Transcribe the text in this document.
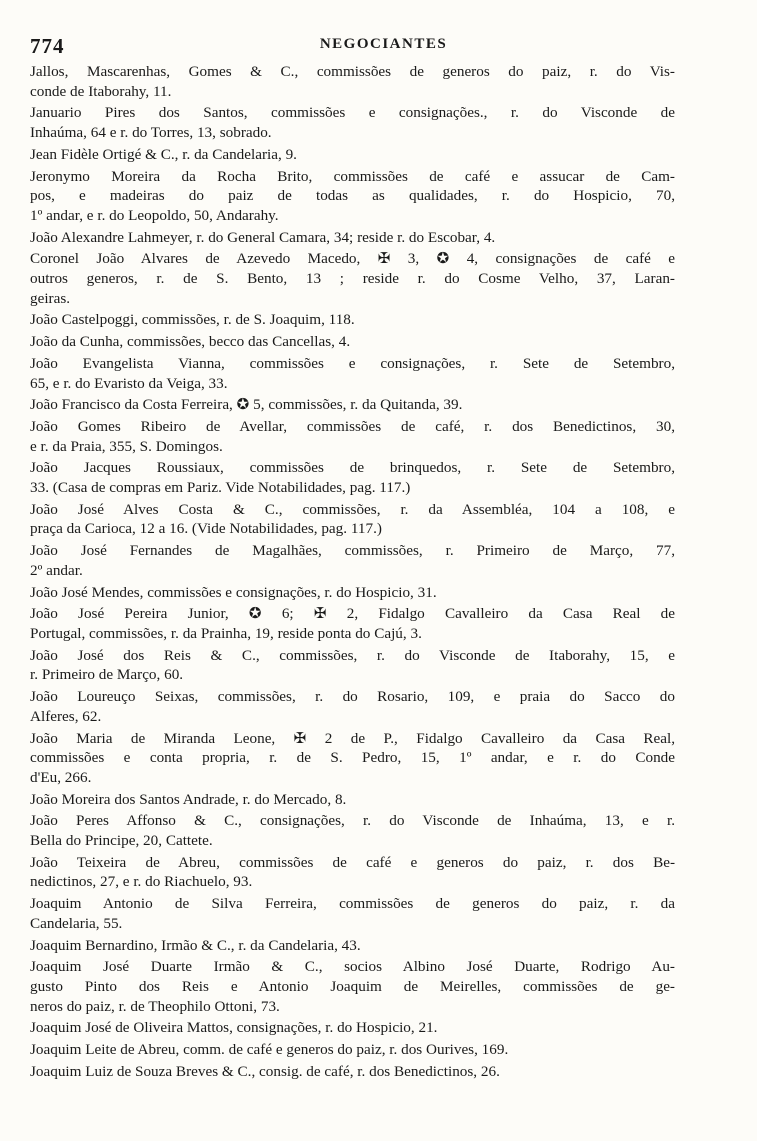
774	NEGOCIANTES
Jallos, Mascarenhas, Gomes & C., commissões de generos do paiz, r. do Vis-
conde de Itaborahy, 11.
Januario Pires dos Santos, commissões e consignações., r. do Visconde de
Inhaúma, 64 e r. do Torres, 13, sobrado.
Jean Fidèle Ortigé & C., r. da Candelaria, 9.
Jeronymo Moreira da Rocha Brito, commissões de café e assucar de Cam-
pos, e madeiras do paiz de todas as qualidades, r. do Hospicio, 70,
1º andar, e r. do Leopoldo, 50, Andarahy.
João Alexandre Lahmeyer, r. do General Camara, 34; reside r. do Escobar, 4.
Coronel João Alvares de Azevedo Macedo, ✠ 3, ✪ 4, consignações de café e
outros generos, r. de S. Bento, 13 ; reside r. do Cosme Velho, 37, Laran-
geiras.
João Castelpoggi, commissões, r. de S. Joaquim, 118.
João da Cunha, commissões, becco das Cancellas, 4.
João Evangelista Vianna, commissões e consignações, r. Sete de Setembro,
65, e r. do Evaristo da Veiga, 33.
João Francisco da Costa Ferreira, ✪ 5, commissões, r. da Quitanda, 39.
João Gomes Ribeiro de Avellar, commissões de café, r. dos Benedictinos, 30,
e r. da Praia, 355, S. Domingos.
João Jacques Roussiaux, commissões de brinquedos, r. Sete de Setembro,
33. (Casa de compras em Pariz. Vide Notabilidades, pag. 117.)
João José Alves Costa & C., commissões, r. da Assembléa, 104 a 108, e
praça da Carioca, 12 a 16. (Vide Notabilidades, pag. 117.)
João José Fernandes de Magalhães, commissões, r. Primeiro de Março, 77,
2º andar.
João José Mendes, commissões e consignações, r. do Hospicio, 31.
João José Pereira Junior, ✪ 6; ✠ 2, Fidalgo Cavalleiro da Casa Real de
Portugal, commissões, r. da Prainha, 19, reside ponta do Cajú, 3.
João José dos Reis & C., commissões, r. do Visconde de Itaborahy, 15, e
r. Primeiro de Março, 60.
João Loureuço Seixas, commissões, r. do Rosario, 109, e praia do Sacco do
Alferes, 62.
João Maria de Miranda Leone, ✠ 2 de P., Fidalgo Cavalleiro da Casa Real,
commissões e conta propria, r. de S. Pedro, 15, 1º andar, e r. do Conde
d'Eu, 266.
João Moreira dos Santos Andrade, r. do Mercado, 8.
João Peres Affonso & C., consignações, r. do Visconde de Inhaúma, 13, e r.
Bella do Principe, 20, Cattete.
João Teixeira de Abreu, commissões de café e generos do paiz, r. dos Be-
nedictinos, 27, e r. do Riachuelo, 93.
Joaquim Antonio de Silva Ferreira, commissões de generos do paiz, r. da
Candelaria, 55.
Joaquim Bernardino, Irmão & C., r. da Candelaria, 43.
Joaquim José Duarte Irmão & C., socios Albino José Duarte, Rodrigo Au-
gusto Pinto dos Reis e Antonio Joaquim de Meirelles, commissões de ge-
neros do paiz, r. de Theophilo Ottoni, 73.
Joaquim José de Oliveira Mattos, consignações, r. do Hospicio, 21.
Joaquim Leite de Abreu, comm. de café e generos do paiz, r. dos Ourives, 169.
Joaquim Luiz de Souza Breves & C., consig. de café, r. dos Benedictinos, 26.
